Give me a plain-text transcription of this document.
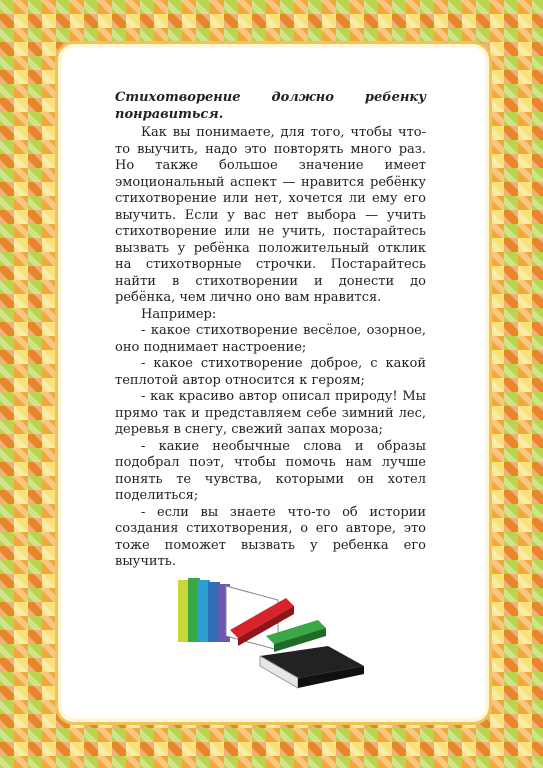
Стихотворение должно ребенку понравиться.

Как вы понимаете, для того, чтобы что-то выучить, надо это повторять много раз. Но также большое значение имеет эмоциональный аспект — нравится ребёнку стихотворение или нет, хочется ли ему его выучить. Если у вас нет выбора — учить стихотворение или не учить, постарайтесь вызвать у ребёнка положительный отклик на стихотворные строчки. Постарайтесь найти в стихотворении и донести до ребёнка, чем лично оно вам нравится.

Например:

- какое стихотворение весёлое, озорное, оно поднимает настроение;

- какое стихотворение доброе, с какой теплотой автор относится к героям;

- как красиво автор описал природу! Мы прямо так и представляем себе зимний лес, деревья в снегу, свежий запах мороза;

- какие необычные слова и образы подобрал поэт, чтобы помочь нам лучше понять те чувства, которыми он хотел поделиться;

- если вы знаете что-то об истории создания стихотворения, о его авторе, это тоже поможет вызвать у ребенка его выучить.
